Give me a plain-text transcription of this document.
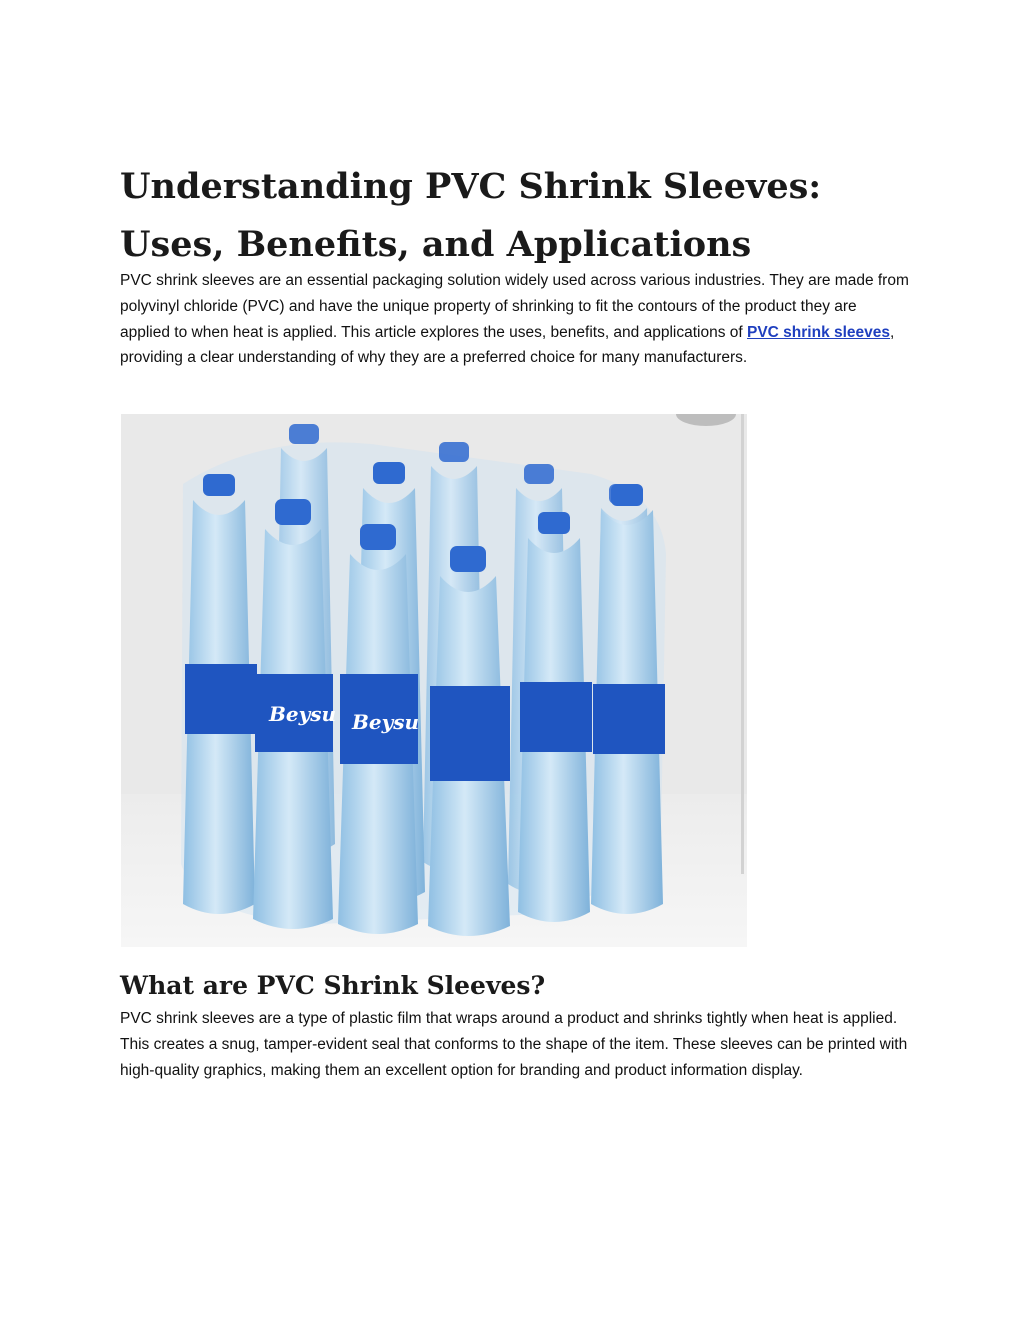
Understanding PVC Shrink Sleeves: Uses, Benefits, and Applications

PVC shrink sleeves are an essential packaging solution widely used across various industries. They are made from polyvinyl chloride (PVC) and have the unique property of shrinking to fit the contours of the product they are applied to when heat is applied. This article explores the uses, benefits, and applications of PVC shrink sleeves, providing a clear understanding of why they are a preferred choice for many manufacturers.

Beysu Beysu
What are PVC Shrink Sleeves?

PVC shrink sleeves are a type of plastic film that wraps around a product and shrinks tightly when heat is applied. This creates a snug, tamper-evident seal that conforms to the shape of the item. These sleeves can be printed with high-quality graphics, making them an excellent option for branding and product information display.
